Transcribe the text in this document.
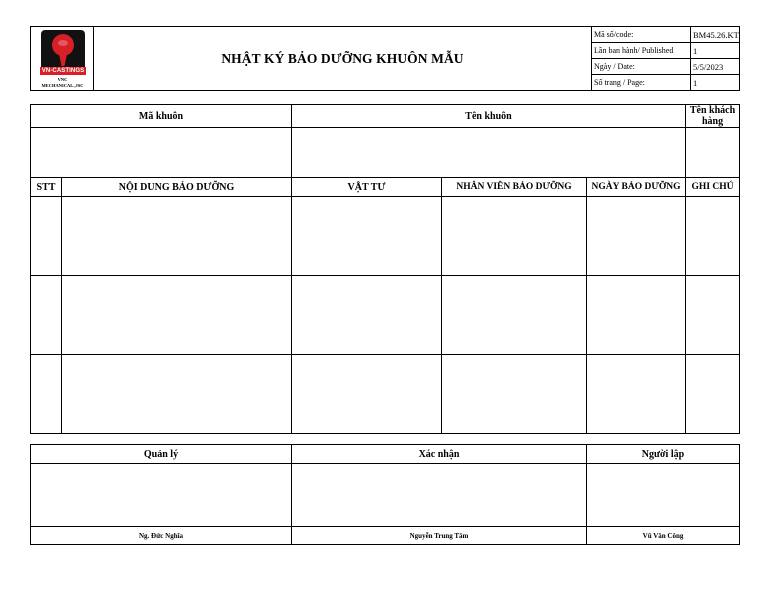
VN-CASTINGS
VNC
MECHANICAL.,JSC	NHẬT KÝ BẢO DƯỠNG KHUÔN MẪU	Mã số/code:	BM45.26.KT
		Lần ban hành/ Published	1
		Ngày / Date:	5/5/2023
		Số trang / Page:	1
Mã khuôn		Tên khuôn			Tên khách hàng

STT	NỘI DUNG BẢO DƯỠNG	VẬT TƯ	NHÂN VIÊN BẢO DƯỠNG	NGÀY BẢO DƯỠNG	GHI CHÚ

Quản lý	Xác nhận	Người lập

Ng. Đức Nghĩa	Nguyễn Trung Tâm	Vũ Văn Công
